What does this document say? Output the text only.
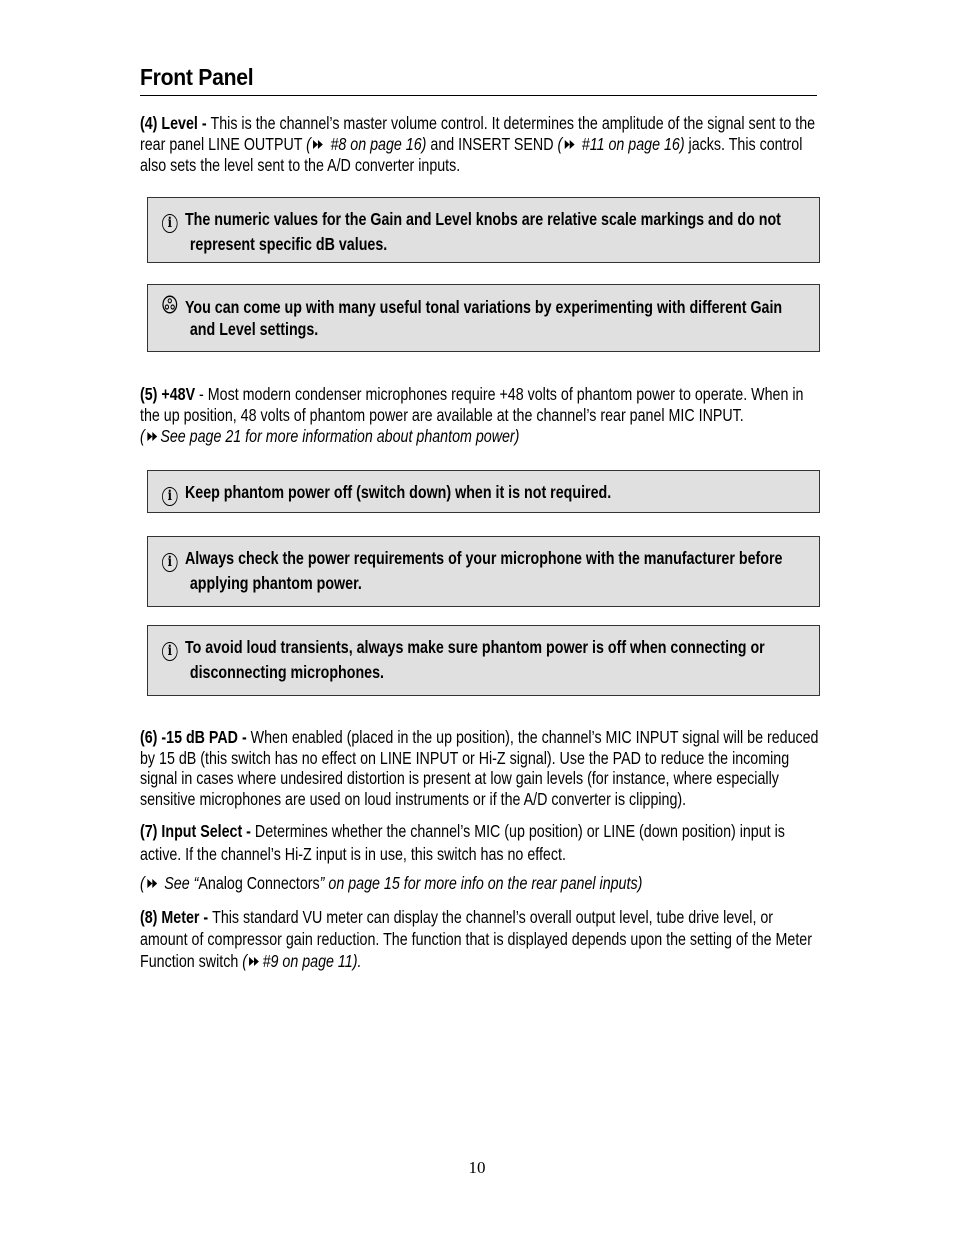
Front Panel
(4) Level - This is the channel’s master volume control. It determines the amplitude of the signal sent to the rear panel LINE OUTPUT ( #8 on page 16) and INSERT SEND ( #11 on page 16) jacks. This control also sets the level sent to the A/D converter inputs.
i The numeric values for the Gain and Level knobs are relative scale markings and do not represent specific dB values.
You can come up with many useful tonal variations by experimenting with different Gain and Level settings.
(5) +48V - Most modern condenser microphones require +48 volts of phantom power to operate. When in the up position, 48 volts of phantom power are available at the channel’s rear panel MIC INPUT.
( See page 21 for more information about phantom power)
i Keep phantom power off (switch down) when it is not required.
i Always check the power requirements of your microphone with the manufacturer before applying phantom power.
i To avoid loud transients, always make sure phantom power is off when connecting or disconnecting microphones.
(6) -15 dB PAD - When enabled (placed in the up position), the channel’s MIC INPUT signal will be reduced by 15 dB (this switch has no effect on LINE INPUT or Hi-Z signal). Use the PAD to reduce the incoming signal in cases where undesired distortion is present at low gain levels (for instance, where especially sensitive microphones are used on loud instruments or if the A/D converter is clipping).
(7) Input Select - Determines whether the channel’s MIC (up position) or LINE (down position) input is active. If the channel’s Hi-Z input is in use, this switch has no effect.
( See “Analog Connectors” on page 15 for more info on the rear panel inputs)
(8) Meter - This standard VU meter can display the channel’s overall output level, tube drive level, or amount of compressor gain reduction. The function that is displayed depends upon the setting of the Meter Function switch ( #9 on page 11).
10
